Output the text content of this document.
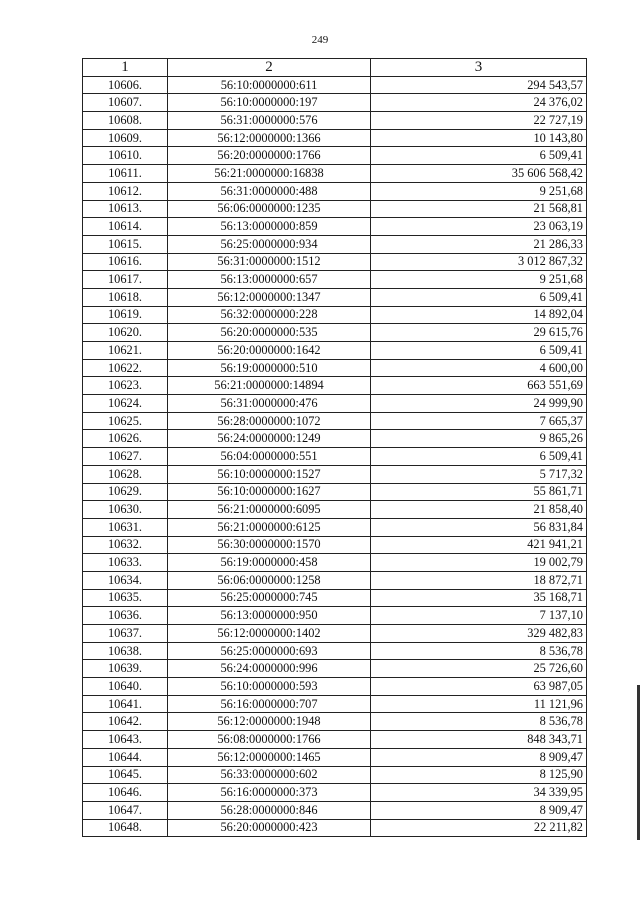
249
1	2	3
10606.	56:10:0000000:611	294 543,57
10607.	56:10:0000000:197	24 376,02
10608.	56:31:0000000:576	22 727,19
10609.	56:12:0000000:1366	10 143,80
10610.	56:20:0000000:1766	6 509,41
10611.	56:21:0000000:16838	35 606 568,42
10612.	56:31:0000000:488	9 251,68
10613.	56:06:0000000:1235	21 568,81
10614.	56:13:0000000:859	23 063,19
10615.	56:25:0000000:934	21 286,33
10616.	56:31:0000000:1512	3 012 867,32
10617.	56:13:0000000:657	9 251,68
10618.	56:12:0000000:1347	6 509,41
10619.	56:32:0000000:228	14 892,04
10620.	56:20:0000000:535	29 615,76
10621.	56:20:0000000:1642	6 509,41
10622.	56:19:0000000:510	4 600,00
10623.	56:21:0000000:14894	663 551,69
10624.	56:31:0000000:476	24 999,90
10625.	56:28:0000000:1072	7 665,37
10626.	56:24:0000000:1249	9 865,26
10627.	56:04:0000000:551	6 509,41
10628.	56:10:0000000:1527	5 717,32
10629.	56:10:0000000:1627	55 861,71
10630.	56:21:0000000:6095	21 858,40
10631.	56:21:0000000:6125	56 831,84
10632.	56:30:0000000:1570	421 941,21
10633.	56:19:0000000:458	19 002,79
10634.	56:06:0000000:1258	18 872,71
10635.	56:25:0000000:745	35 168,71
10636.	56:13:0000000:950	7 137,10
10637.	56:12:0000000:1402	329 482,83
10638.	56:25:0000000:693	8 536,78
10639.	56:24:0000000:996	25 726,60
10640.	56:10:0000000:593	63 987,05
10641.	56:16:0000000:707	11 121,96
10642.	56:12:0000000:1948	8 536,78
10643.	56:08:0000000:1766	848 343,71
10644.	56:12:0000000:1465	8 909,47
10645.	56:33:0000000:602	8 125,90
10646.	56:16:0000000:373	34 339,95
10647.	56:28:0000000:846	8 909,47
10648.	56:20:0000000:423	22 211,82
